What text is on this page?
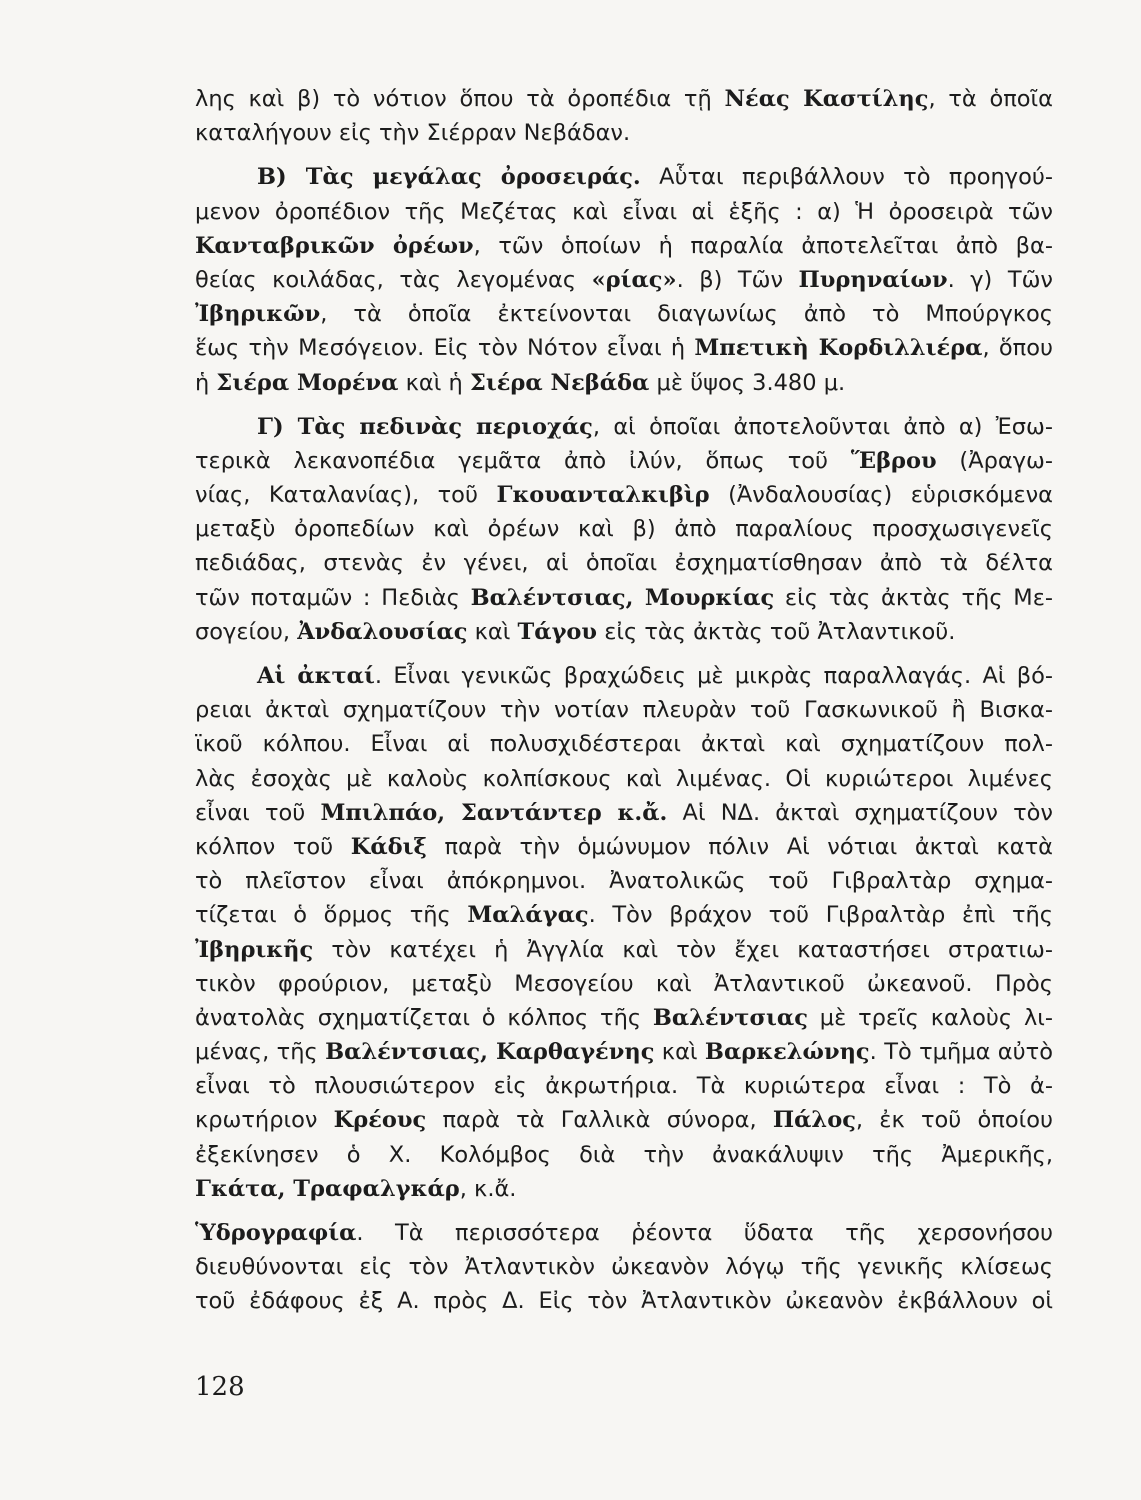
λης καὶ β) τὸ νότιον ὅπου τὰ ὀροπέδια τῇ Νέας Καστίλης, τὰ ὁποῖα
καταλήγουν εἰς τὴν Σιέρραν Νεβάδαν.
Β) Τὰς μεγάλας ὀροσειράς. Αὗται περιβάλλουν τὸ προηγού-
μενον ὀροπέδιον τῆς Μεζέτας καὶ εἶναι αἱ ἑξῆς : α) Ἡ ὀροσειρὰ τῶν
Κανταβρικῶν ὀρέων, τῶν ὁποίων ἡ παραλία ἀποτελεῖται ἀπὸ βα-
θείας κοιλάδας, τὰς λεγομένας «ρίας». β) Τῶν Πυρηναίων. γ) Τῶν
Ἰβηρικῶν, τὰ ὁποῖα ἐκτείνονται διαγωνίως ἀπὸ τὸ Μπούργκος
ἕως τὴν Μεσόγειον. Εἰς τὸν Νότον εἶναι ἡ Μπετικὴ Κορδιλλιέρα, ὅπου
ἡ Σιέρα Μορένα καὶ ἡ Σιέρα Νεβάδα μὲ ὕψος 3.480 μ.
Γ) Τὰς πεδινὰς περιοχάς, αἱ ὁποῖαι ἀποτελοῦνται ἀπὸ α) Ἐσω-
τερικὰ λεκανοπέδια γεμᾶτα ἀπὸ ἰλύν, ὅπως τοῦ Ἕβρου (Ἀραγω-
νίας, Καταλανίας), τοῦ Γκουανταλκιβὶρ (Ἀνδαλουσίας) εὑρισκόμενα
μεταξὺ ὀροπεδίων καὶ ὀρέων καὶ β) ἀπὸ παραλίους προσχωσιγενεῖς
πεδιάδας, στενὰς ἐν γένει, αἱ ὁποῖαι ἐσχηματίσθησαν ἀπὸ τὰ δέλτα
τῶν ποταμῶν : Πεδιὰς Βαλέντσιας, Μουρκίας εἰς τὰς ἀκτὰς τῆς Με-
σογείου, Ἀνδαλουσίας καὶ Τάγου εἰς τὰς ἀκτὰς τοῦ Ἀτλαντικοῦ.
Αἱ ἀκταί. Εἶναι γενικῶς βραχώδεις μὲ μικρὰς παραλλαγάς. Αἱ βό-
ρειαι ἀκταὶ σχηματίζουν τὴν νοτίαν πλευρὰν τοῦ Γασκωνικοῦ ἢ Βισκα-
ϊκοῦ κόλπου. Εἶναι αἱ πολυσχιδέστεραι ἀκταὶ καὶ σχηματίζουν πολ-
λὰς ἐσοχὰς μὲ καλοὺς κολπίσκους καὶ λιμένας. Οἱ κυριώτεροι λιμένες
εἶναι τοῦ Μπιλπάο, Σαντάντερ κ.ἄ. Αἱ ΝΔ. ἀκταὶ σχηματίζουν τὸν
κόλπον τοῦ Κάδιξ παρὰ τὴν ὁμώνυμον πόλιν Αἱ νότιαι ἀκταὶ κατὰ
τὸ πλεῖστον εἶναι ἀπόκρημνοι. Ἀνατολικῶς τοῦ Γιβραλτὰρ σχημα-
τίζεται ὁ ὅρμος τῆς Μαλάγας. Τὸν βράχον τοῦ Γιβραλτὰρ ἐπὶ τῆς
Ἰβηρικῆς τὸν κατέχει ἡ Ἀγγλία καὶ τὸν ἔχει καταστήσει στρατιω-
τικὸν φρούριον, μεταξὺ Μεσογείου καὶ Ἀτλαντικοῦ ὠκεανοῦ. Πρὸς
ἀνατολὰς σχηματίζεται ὁ κόλπος τῆς Βαλέντσιας μὲ τρεῖς καλοὺς λι-
μένας, τῆς Βαλέντσιας, Καρθαγένης καὶ Βαρκελώνης. Τὸ τμῆμα αὐτὸ
εἶναι τὸ πλουσιώτερον εἰς ἀκρωτήρια. Τὰ κυριώτερα εἶναι : Τὸ ἀ-
κρωτήριον Κρέους παρὰ τὰ Γαλλικὰ σύνορα, Πάλος, ἐκ τοῦ ὁποίου
ἐξεκίνησεν ὁ Χ. Κολόμβος διὰ τὴν ἀνακάλυψιν τῆς Ἀμερικῆς,
Γκάτα, Τραφαλγκάρ, κ.ἄ.
Ὑδρογραφία. Τὰ περισσότερα ῥέοντα ὕδατα τῆς χερσονήσου
διευθύνονται εἰς τὸν Ἀτλαντικὸν ὠκεανὸν λόγῳ τῆς γενικῆς κλίσεως
τοῦ ἐδάφους ἐξ Α. πρὸς Δ. Εἰς τὸν Ἀτλαντικὸν ὠκεανὸν ἐκβάλλουν οἱ
128
